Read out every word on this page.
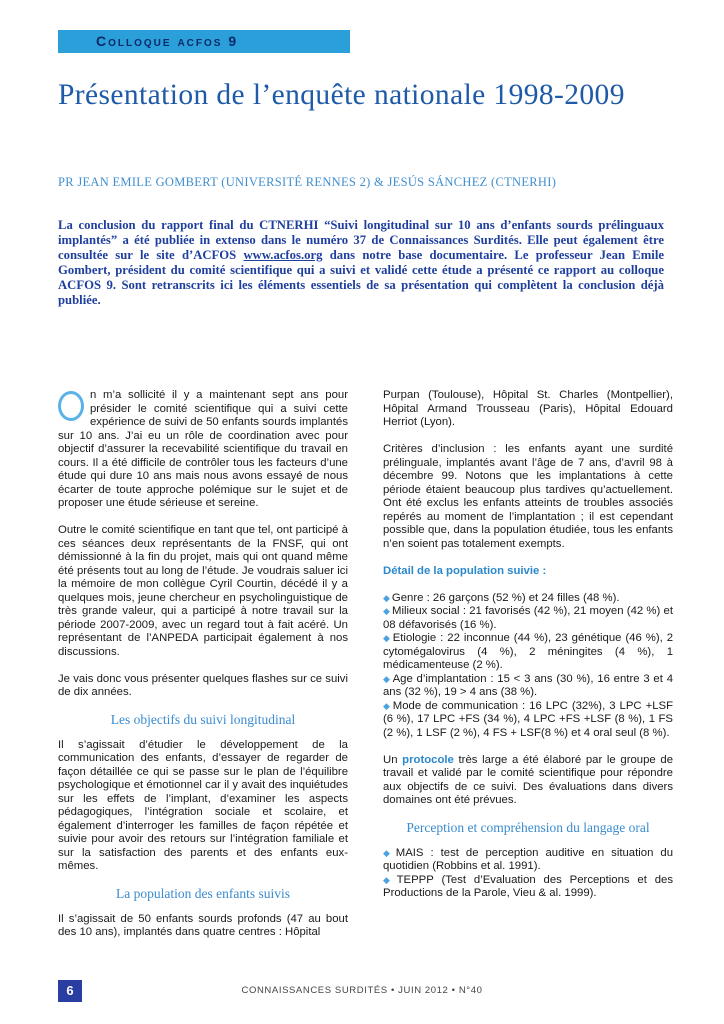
Colloque acfos 9
Présentation de l’enquête nationale 1998-2009
PR JEAN EMILE GOMBERT (UNIVERSITÉ RENNES 2) & JESÚS SÁNCHEZ (CTNERHI)
La conclusion du rapport final du CTNERHI “Suivi longitudinal sur 10 ans d’enfants sourds prélinguaux implantés” a été publiée in extenso dans le numéro 37 de Connaissances Surdités. Elle peut également être consultée sur le site d’ACFOS www.acfos.org dans notre base documentaire. Le professeur Jean Emile Gombert, président du comité scientifique qui a suivi et validé cette étude a présenté ce rapport au colloque ACFOS 9. Sont retranscrits ici les éléments essentiels de sa présentation qui complètent la conclusion déjà publiée.

n m’a sollicité il y a maintenant sept ans pour présider le comité scientifique qui a suivi cette expérience de suivi de 50 enfants sourds implantés sur 10 ans. J’ai eu un rôle de coordination avec pour objectif d’assurer la recevabilité scientifique du travail en cours. Il a été difficile de contrôler tous les facteurs d’une étude qui dure 10 ans mais nous avons essayé de nous écarter de toute approche polémique sur le sujet et de proposer une étude sérieuse et sereine.

Outre le comité scientifique en tant que tel, ont participé à ces séances deux représentants de la FNSF, qui ont démissionné à la fin du projet, mais qui ont quand même été présents tout au long de l’étude. Je voudrais saluer ici la mémoire de mon collègue Cyril Courtin, décédé il y a quelques mois, jeune chercheur en psycholinguistique de très grande valeur, qui a participé à notre travail sur la période 2007-2009, avec un regard tout à fait acéré. Un représentant de l’ANPEDA participait également à nos discussions.

Je vais donc vous présenter quelques flashes sur ce suivi de dix années.

Les objectifs du suivi longitudinal

Il s’agissait d’étudier le développement de la communication des enfants, d’essayer de regarder de façon détaillée ce qui se passe sur le plan de l’équilibre psychologique et émotionnel car il y avait des inquiétudes sur les effets de l’implant, d’examiner les aspects pédagogiques, l’intégration sociale et scolaire, et également d’interroger les familles de façon répétée et suivie pour avoir des retours sur l’intégration familiale et sur la satisfaction des parents et des enfants eux-mêmes.

La population des enfants suivis

Il s’agissait de 50 enfants sourds profonds (47 au bout des 10 ans), implantés dans quatre centres : Hôpital

Purpan (Toulouse), Hôpital St. Charles (Montpellier), Hôpital Armand Trousseau (Paris), Hôpital Edouard Herriot (Lyon).

Critères d’inclusion : les enfants ayant une surdité prélinguale, implantés avant l’âge de 7 ans, d’avril 98 à décembre 99. Notons que les implantations à cette période étaient beaucoup plus tardives qu’actuellement. Ont été exclus les enfants atteints de troubles associés repérés au moment de l’implantation ; il est cependant possible que, dans la population étudiée, tous les enfants n’en soient pas totalement exempts.

Détail de la population suivie :

◆ Genre : 26 garçons (52 %) et 24 filles (48 %).
◆ Milieux social : 21 favorisés (42 %), 21 moyen (42 %) et 08 défavorisés (16 %).
◆ Etiologie : 22 inconnue (44 %), 23 génétique (46 %), 2 cytomégalovirus (4 %), 2 méningites (4 %), 1 médicamenteuse (2 %).
◆ Age d’implantation : 15 < 3 ans (30 %), 16 entre 3 et 4 ans (32 %), 19 > 4 ans (38 %).
◆ Mode de communication : 16 LPC (32%), 3 LPC +LSF (6 %), 17 LPC +FS (34 %), 4 LPC +FS +LSF (8 %), 1 FS (2 %), 1 LSF (2 %), 4 FS + LSF(8 %) et 4 oral seul (8 %).

Un protocole très large a été élaboré par le groupe de travail et validé par le comité scientifique pour répondre aux objectifs de ce suivi. Des évaluations dans divers domaines ont été prévues.

Perception et compréhension du langage oral
◆ MAIS : test de perception auditive en situation du quotidien (Robbins et al. 1991).
◆ TEPPP (Test d’Evaluation des Perceptions et des Productions de la Parole, Vieu & al. 1999).
6	CONNAISSANCES SURDITÉS • JUIN 2012 • N°40
